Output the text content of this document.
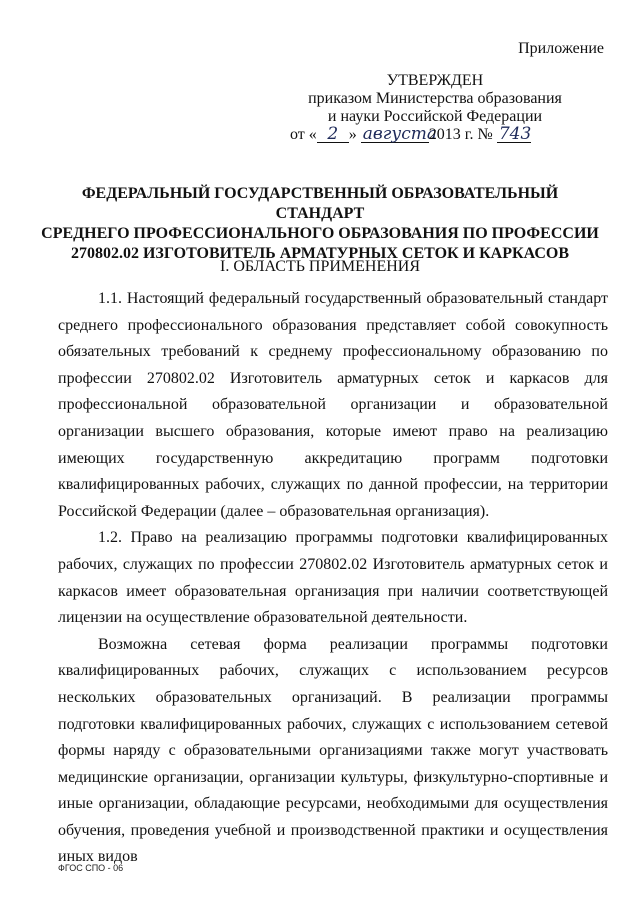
Приложение
УТВЕРЖДЕН
приказом Министерства образования
и науки Российской Федерации
от « 2 » августа2013 г. № 743
ФЕДЕРАЛЬНЫЙ ГОСУДАРСТВЕННЫЙ ОБРАЗОВАТЕЛЬНЫЙ СТАНДАРТ
СРЕДНЕГО ПРОФЕССИОНАЛЬНОГО ОБРАЗОВАНИЯ ПО ПРОФЕССИИ
270802.02 ИЗГОТОВИТЕЛЬ АРМАТУРНЫХ СЕТОК И КАРКАСОВ
I. ОБЛАСТЬ ПРИМЕНЕНИЯ

1.1. Настоящий федеральный государственный образовательный стандарт среднего профессионального образования представляет собой совокупность обязательных требований к среднему профессиональному образованию по профессии 270802.02 Изготовитель арматурных сеток и каркасов для профессиональной образовательной организации и образовательной организации высшего образования, которые имеют право на реализацию имеющих государственную аккредитацию программ подготовки квалифицированных рабочих, служащих по данной профессии, на территории Российской Федерации (далее – образовательная организация).

1.2. Право на реализацию программы подготовки квалифицированных рабочих, служащих по профессии 270802.02 Изготовитель арматурных сеток и каркасов имеет образовательная организация при наличии соответствующей лицензии на осуществление образовательной деятельности.

Возможна сетевая форма реализации программы подготовки квалифицированных рабочих, служащих с использованием ресурсов нескольких образовательных организаций. В реализации программы подготовки квалифицированных рабочих, служащих с использованием сетевой формы наряду с образовательными организациями также могут участвовать медицинские организации, организации культуры, физкультурно-спортивные и иные организации, обладающие ресурсами, необходимыми для осуществления обучения, проведения учебной и производственной практики и осуществления иных видов

ФГОС СПО - 06
